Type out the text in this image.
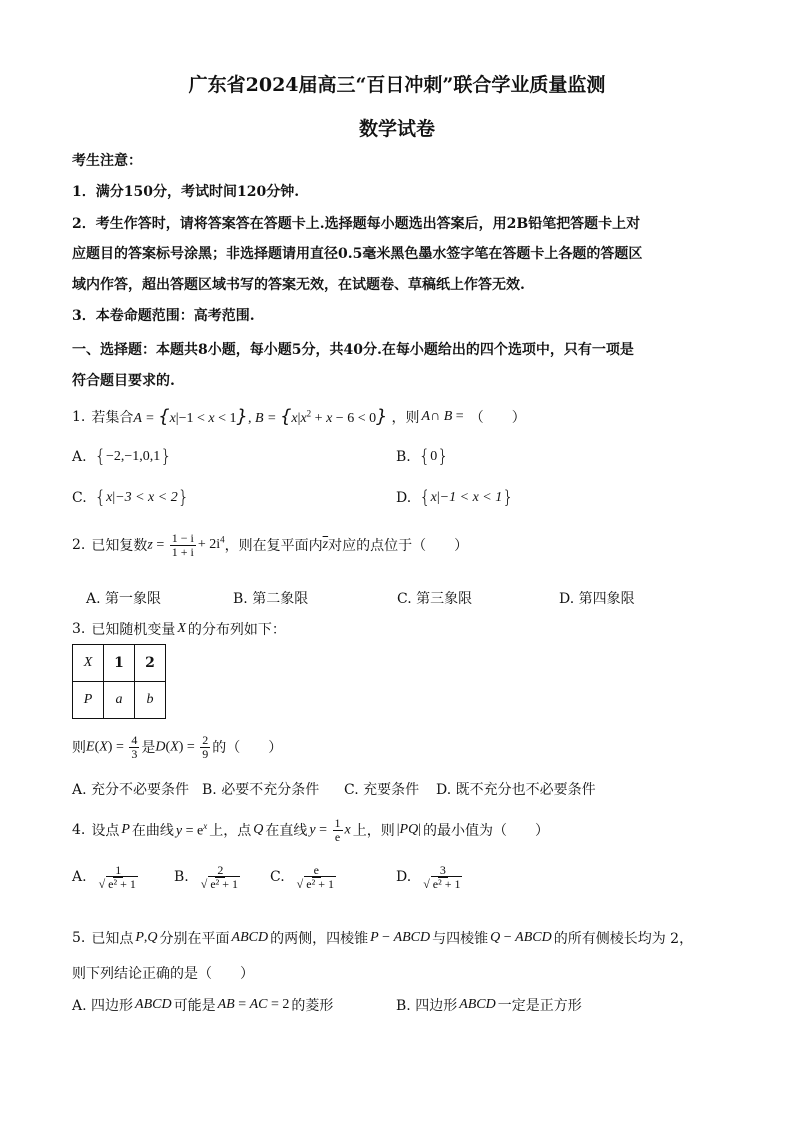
广东省2024届高三“百日冲刺”联合学业质量监测
数学试卷
考生注意：
1．满分150分，考试时间120分钟.
2．考生作答时，请将答案答在答题卡上.选择题每小题选出答案后，用2B铅笔把答题卡上对
应题目的答案标号涂黑；非选择题请用直径0.5毫米黑色墨水签字笔在答题卡上各题的答题区
域内作答，超出答题区域书写的答案无效，在试题卷、草稿纸上作答无效.
3．本卷命题范围：高考范围.
一、选择题：本题共8小题，每小题5分，共40分.在每小题给出的四个选项中，只有一项是
符合题目要求的.
1. 若集合 A = {x|−1 < x < 1}, $B = \{x|x^2 + x - 6 < 0\}$ ，则 A∩ B = （　　）
A. { −2,−1,0,1 }	B. { 0 }
C. { x | −3 < x < 2 }	D. { x | −1 < x < 1 }
2. 已知复数 $z = \frac{1 - i}{1 + i} + 2i^4$ ，则在复平面内 $\overline{z}$ 对应的点位于（　　）
A. 第一象限	B. 第二象限	C. 第三象限	D. 第四象限
3. 已知随机变量 X 的分布列如下：
X	1	2
P	a	b
则 $E(X) = \frac{4}{3}$ 是 $D(X) = \frac{2}{9}$ 的（　　）
A. 充分不必要条件 B. 必要不充分条件 C. 充要条件 D. 既不充分也不必要条件
4. 设点 P 在曲线 $y = e^x$ 上，点 Q 在直线 $y = \frac{1}{e}$ x 上，则 |PQ| 的最小值为（　　）
A. $\frac{1}{\text{√ e² + 1}} B$. $\frac{2}{\text{√ e² + 1}} C$. $\frac{e}{\text{√ e² + 1}}$	D. $\frac{3}{\text{√ e² + 1}}$
5. 已知点 P,Q 分别在平面 ABCD 的两侧，四棱锥 P − ABCD 与四棱锥 Q − ABCD 的所有侧棱长均为 2，
则下列结论正确的是（　　）
A. 四边形 ABCD 可能是 AB = AC = 2 的菱形	B. 四边形 ABCD 一定是正方形
